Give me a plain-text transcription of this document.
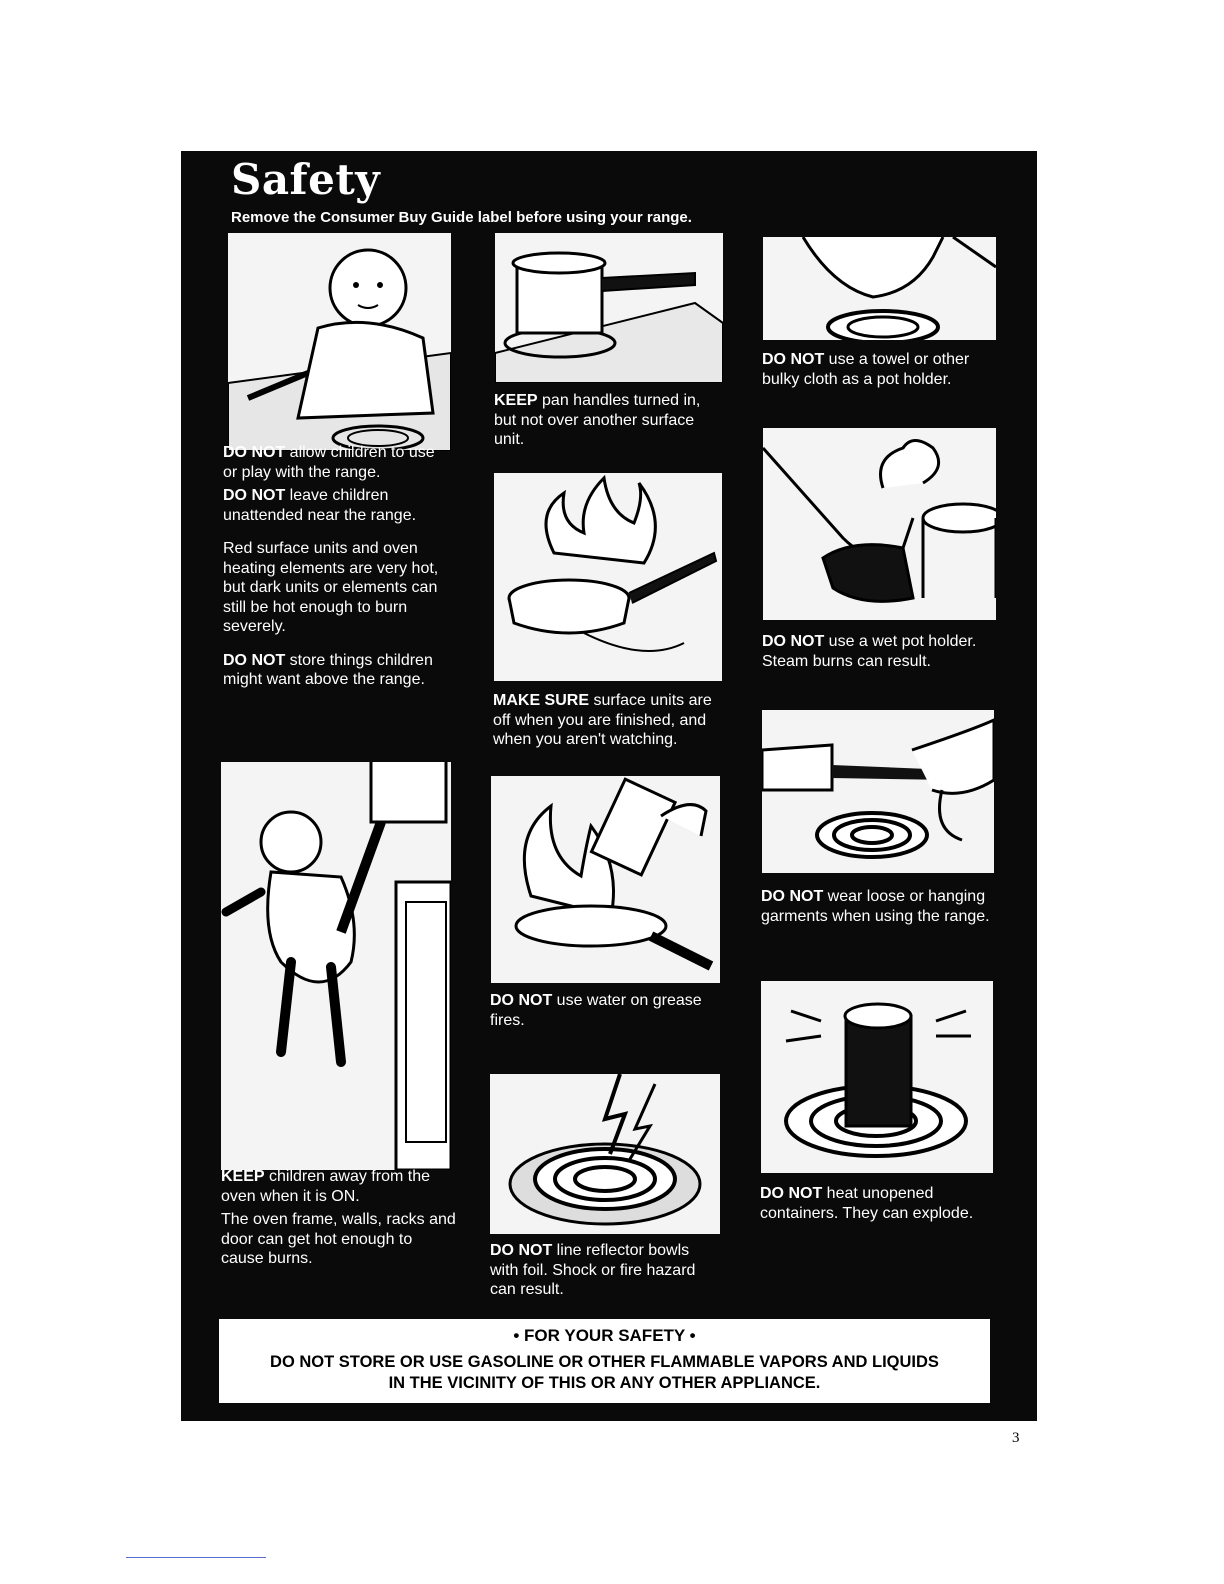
Safety
Remove the Consumer Buy Guide label before using your range.

DO NOT allow children to use or play with the range.

DO NOT leave children unattended near the range.

Red surface units and oven heating elements are very hot, but dark units or elements can still be hot enough to burn severely.

DO NOT store things children might want above the range.

KEEP children away from the oven when it is ON.

The oven frame, walls, racks and door can get hot enough to cause burns.

KEEP pan handles turned in, but not over another surface unit.

MAKE SURE surface units are off when you are finished, and when you aren't watching.

DO NOT use water on grease fires.

DO NOT line reflector bowls with foil. Shock or fire hazard can result.

DO NOT use a towel or other bulky cloth as a pot holder.

DO NOT use a wet pot holder. Steam burns can result.

DO NOT wear loose or hanging garments when using the range.

DO NOT heat unopened containers. They can explode.

• FOR YOUR SAFETY •
DO NOT STORE OR USE GASOLINE OR OTHER FLAMMABLE VAPORS AND LIQUIDS
IN THE VICINITY OF THIS OR ANY OTHER APPLIANCE.
3
